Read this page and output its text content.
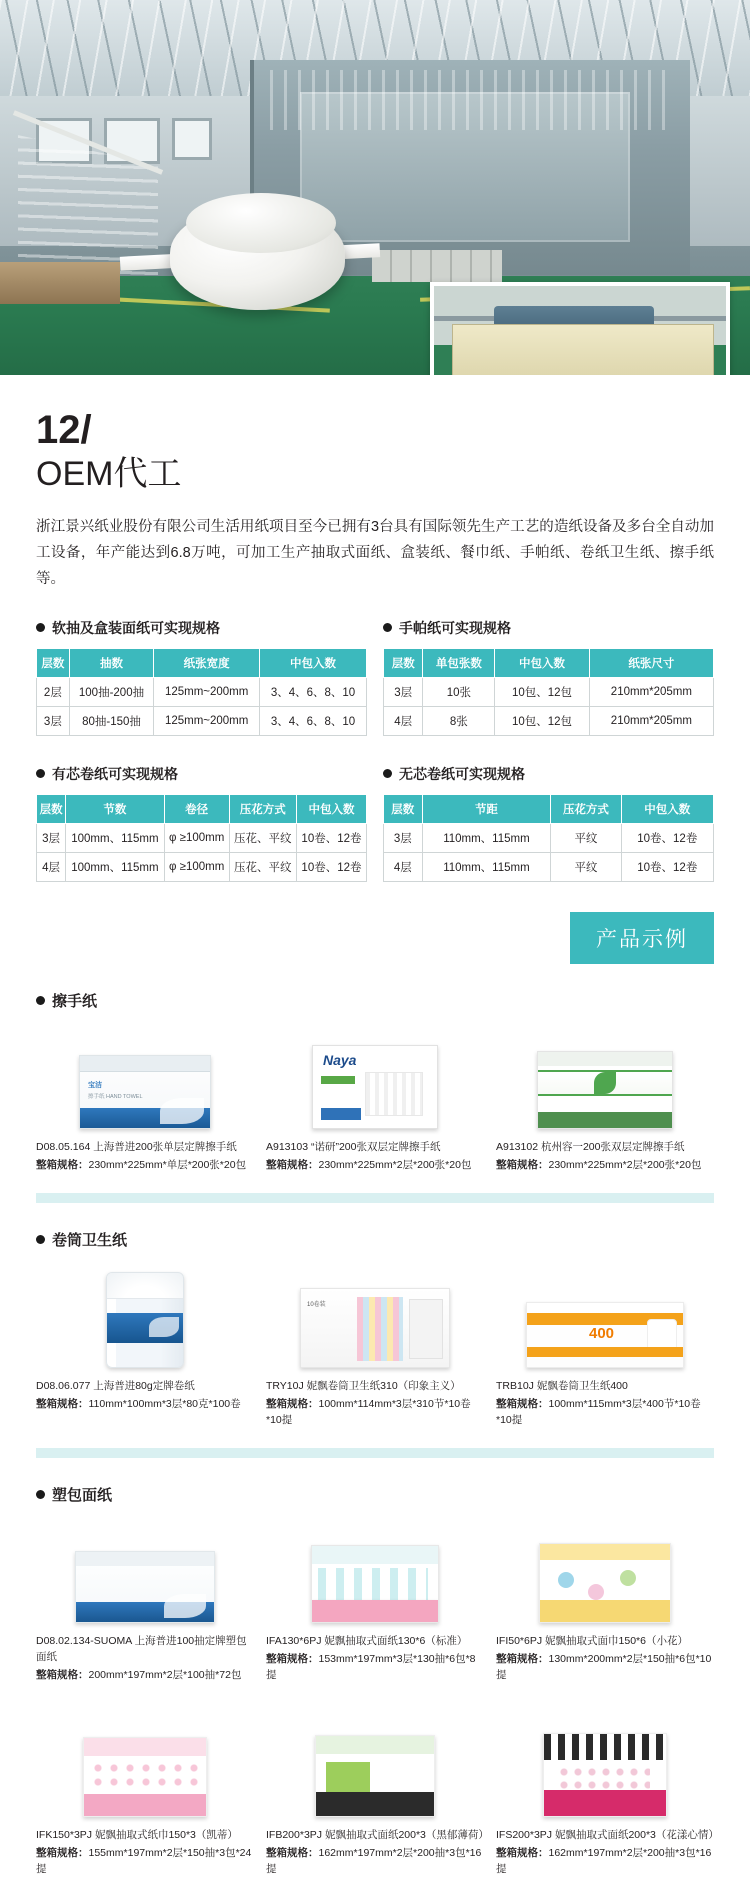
12/
OEM代工
浙江景兴纸业股份有限公司生活用纸项目至今已拥有3台具有国际领先生产工艺的造纸设备及多台全自动加工设备，年产能达到6.8万吨，可加工生产抽取式面纸、盒装纸、餐巾纸、手帕纸、卷纸卫生纸、擦手纸等。
软抽及盒装面纸可实现规格
层数	抽数	纸张宽度	中包入数
2层	100抽-200抽	125mm~200mm	3、4、6、8、10
3层	80抽-150抽	125mm~200mm	3、4、6、8、10
手帕纸可实现规格
层数	单包张数	中包入数	纸张尺寸
3层	10张	10包、12包	210mm*205mm
4层	8张	10包、12包	210mm*205mm
有芯卷纸可实现规格
层数	节数	卷径	压花方式	中包入数
3层	100mm、115mm	φ ≥100mm	压花、平纹	10卷、12卷
4层	100mm、115mm	φ ≥100mm	压花、平纹	10卷、12卷
无芯卷纸可实现规格
层数	节距	压花方式	中包入数
3层	110mm、115mm	平纹	10卷、12卷
4层	110mm、115mm	平纹	10卷、12卷
产品示例
擦手纸
宝洁
擦手纸 HAND TOWEL
D08.05.164 上海普进200张单层定牌擦手纸
整箱规格：230mm*225mm*单层*200张*20包
Naya
A913103 “诺研”200张双层定牌擦手纸
整箱规格：230mm*225mm*2层*200张*20包
A913102 杭州容一200张双层定牌擦手纸
整箱规格：230mm*225mm*2层*200张*20包
卷筒卫生纸
D08.06.077 上海普进80g定牌卷纸
整箱规格：110mm*100mm*3层*80克*100卷
10卷装
TRY10J 妮飘卷筒卫生纸310（印象主义）
整箱规格：100mm*114mm*3层*310节*10卷*10提
400
TRB10J 妮飘卷筒卫生纸400
整箱规格：100mm*115mm*3层*400节*10卷*10提
塑包面纸
D08.02.134-SUOMA 上海普进100抽定牌塑包面纸
整箱规格：200mm*197mm*2层*100抽*72包
IFA130*6PJ 妮飘抽取式面纸130*6（标准）
整箱规格：153mm*197mm*3层*130抽*6包*8提
IFI50*6PJ 妮飘抽取式面巾150*6（小花）
整箱规格：130mm*200mm*2层*150抽*6包*10提
IFK150*3PJ 妮飘抽取式纸巾150*3（凯蒂）
整箱规格：155mm*197mm*2层*150抽*3包*24提
IFB200*3PJ 妮飘抽取式面纸200*3（黑郁薄荷）
整箱规格：162mm*197mm*2层*200抽*3包*16提
IFS200*3PJ 妮飘抽取式面纸200*3（花漾心情）
整箱规格：162mm*197mm*2层*200抽*3包*16提
